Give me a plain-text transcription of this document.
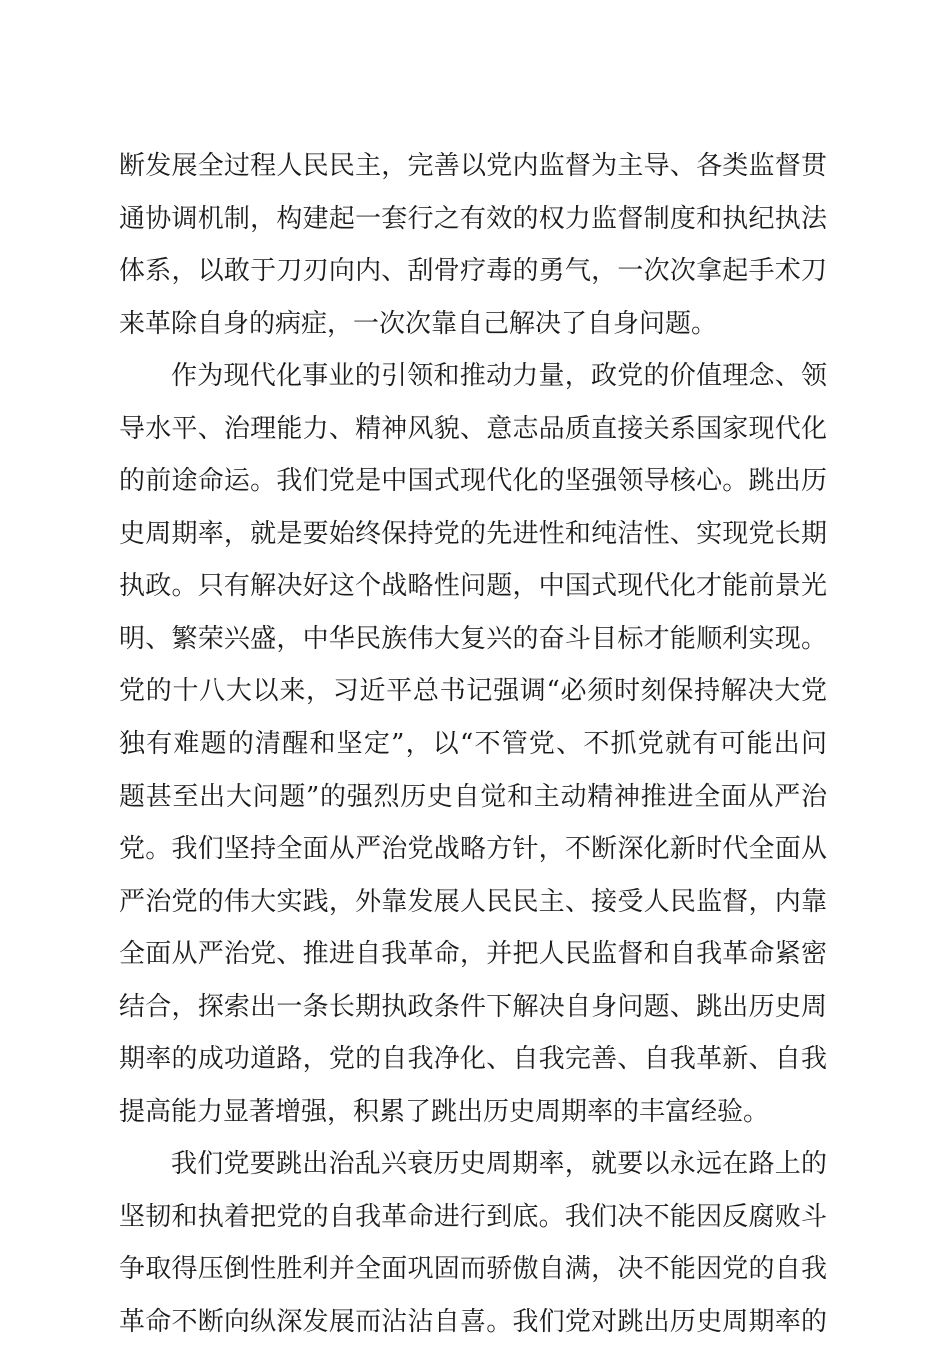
断发展全过程人民民主，完善以党内监督为主导、各类监督贯
通协调机制，构建起一套行之有效的权力监督制度和执纪执法
体系，以敢于刀刃向内、刮骨疗毒的勇气，一次次拿起手术刀
来革除自身的病症，一次次靠自己解决了自身问题。
作为现代化事业的引领和推动力量，政党的价值理念、领
导水平、治理能力、精神风貌、意志品质直接关系国家现代化
的前途命运。我们党是中国式现代化的坚强领导核心。跳出历
史周期率，就是要始终保持党的先进性和纯洁性、实现党长期
执政。只有解决好这个战略性问题，中国式现代化才能前景光
明、繁荣兴盛，中华民族伟大复兴的奋斗目标才能顺利实现。
党的十八大以来，习近平总书记强调“必须时刻保持解决大党
独有难题的清醒和坚定”，以“不管党、不抓党就有可能出问
题甚至出大问题”的强烈历史自觉和主动精神推进全面从严治
党。我们坚持全面从严治党战略方针，不断深化新时代全面从
严治党的伟大实践，外靠发展人民民主、接受人民监督，内靠
全面从严治党、推进自我革命，并把人民监督和自我革命紧密
结合，探索出一条长期执政条件下解决自身问题、跳出历史周
期率的成功道路，党的自我净化、自我完善、自我革新、自我
提高能力显著增强，积累了跳出历史周期率的丰富经验。
我们党要跳出治乱兴衰历史周期率，就要以永远在路上的
坚韧和执着把党的自我革命进行到底。我们决不能因反腐败斗
争取得压倒性胜利并全面巩固而骄傲自满，决不能因党的自我
革命不断向纵深发展而沾沾自喜。我们党对跳出历史周期率的
